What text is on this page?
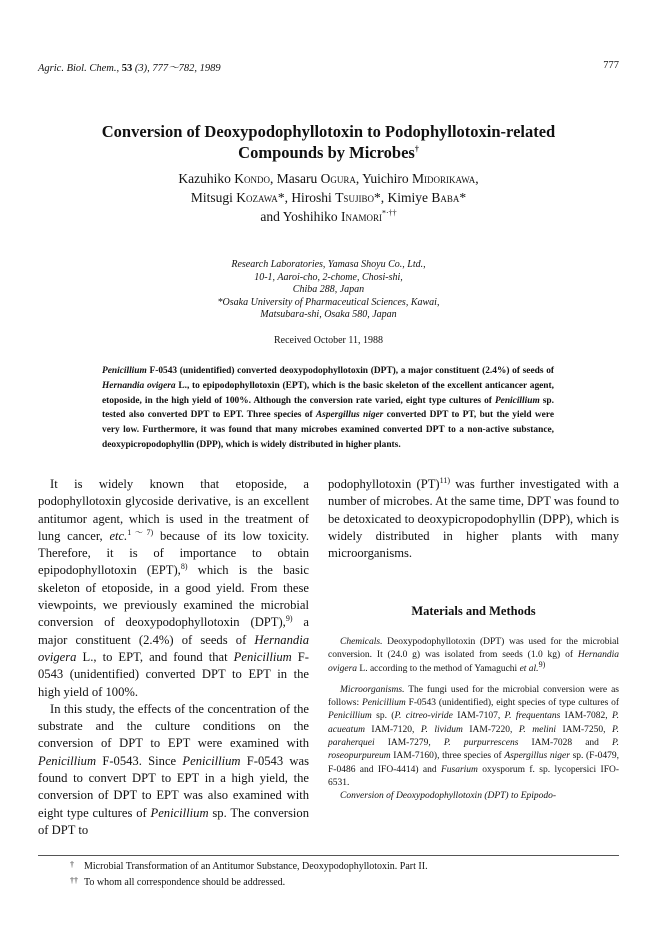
Agric. Biol. Chem., 53 (3), 777～782, 1989	777
Conversion of Deoxypodophyllotoxin to Podophyllotoxin-related
Compounds by Microbes†
Kazuhiko Kondo, Masaru Ogura, Yuichiro Midorikawa,
Mitsugi Kozawa*, Hiroshi Tsujibo*, Kimiye Baba*
and Yoshihiko Inamori*·††
Research Laboratories, Yamasa Shoyu Co., Ltd.,
10-1, Aaroi-cho, 2-chome, Chosi-shi,
Chiba 288, Japan
*Osaka University of Pharmaceutical Sciences, Kawai,
Matsubara-shi, Osaka 580, Japan
Received October 11, 1988
Penicillium F-0543 (unidentified) converted deoxypodophyllotoxin (DPT), a major constituent (2.4%) of seeds of Hernandia ovigera L., to epipodophyllotoxin (EPT), which is the basic skeleton of the excellent anticancer agent, etoposide, in the high yield of 100%. Although the conversion rate varied, eight type cultures of Penicillium sp. tested also converted DPT to EPT. Three species of Aspergillus niger converted DPT to PT, but the yield were very low. Furthermore, it was found that many microbes examined converted DPT to a non-active substance, deoxypicropodophyllin (DPP), which is widely distributed in higher plants.

It is widely known that etoposide, a podophyllotoxin glycoside derivative, is an excellent antitumor agent, which is used in the treatment of lung cancer, etc.$^{1\sim 7)}$ because of its low toxicity. Therefore, it is of importance to obtain epipodophyllotoxin (EPT),$^{8)}$ which is the basic skeleton of etoposide, in a good yield. From these viewpoints, we previously examined the microbial conversion of deoxypodophyllotoxin (DPT),$^{9)}$ a major constituent (2.4%) of seeds of Hernandia ovigera L., to EPT, and found that Penicillium F-0543 (unidentified) converted DPT to EPT in the high yield of 100%.

In this study, the effects of the concentration of the substrate and the culture conditions on the conversion of DPT to EPT were examined with Penicillium F-0543. Since Penicillium F-0543 was found to convert DPT to EPT in a high yield, the conversion of DPT to EPT was also examined with eight type cultures of Penicillium sp. The conversion of DPT to

podophyllotoxin (PT)$^{11)}$ was further investigated with a number of microbes. At the same time, DPT was found to be detoxicated to deoxypicropodophyllin (DPP), which is widely distributed in higher plants with many microorganisms.

Materials and Methods

Chemicals. Deoxypodophyllotoxin (DPT) was used for the microbial conversion. It (24.0 g) was isolated from seeds (1.0 kg) of Hernandia ovigera L. according to the method of Yamaguchi et al.$^{9)}$

Microorganisms. The fungi used for the microbial conversion were as follows: Penicillium F-0543 (unidentified), eight species of type cultures of Penicillium sp. (P. citreo-viride IAM-7107, P. frequentans IAM-7082, P. acueatum IAM-7120, P. lividum IAM-7220, P. melini IAM-7250, P. paraherquei IAM-7279, P. purpurrescens IAM-7028 and P. roseopurpureum IAM-7160), three species of Aspergillus niger sp. (F-0479, F-0486 and IFO-4414) and Fusarium oxysporum f. sp. lycopersici IFO-6531.

Conversion of Deoxypodophyllotoxin (DPT) to Epipodo-

† Microbial Transformation of an Antitumor Substance, Deoxypodophyllotoxin. Part II.
†† To whom all correspondence should be addressed.
